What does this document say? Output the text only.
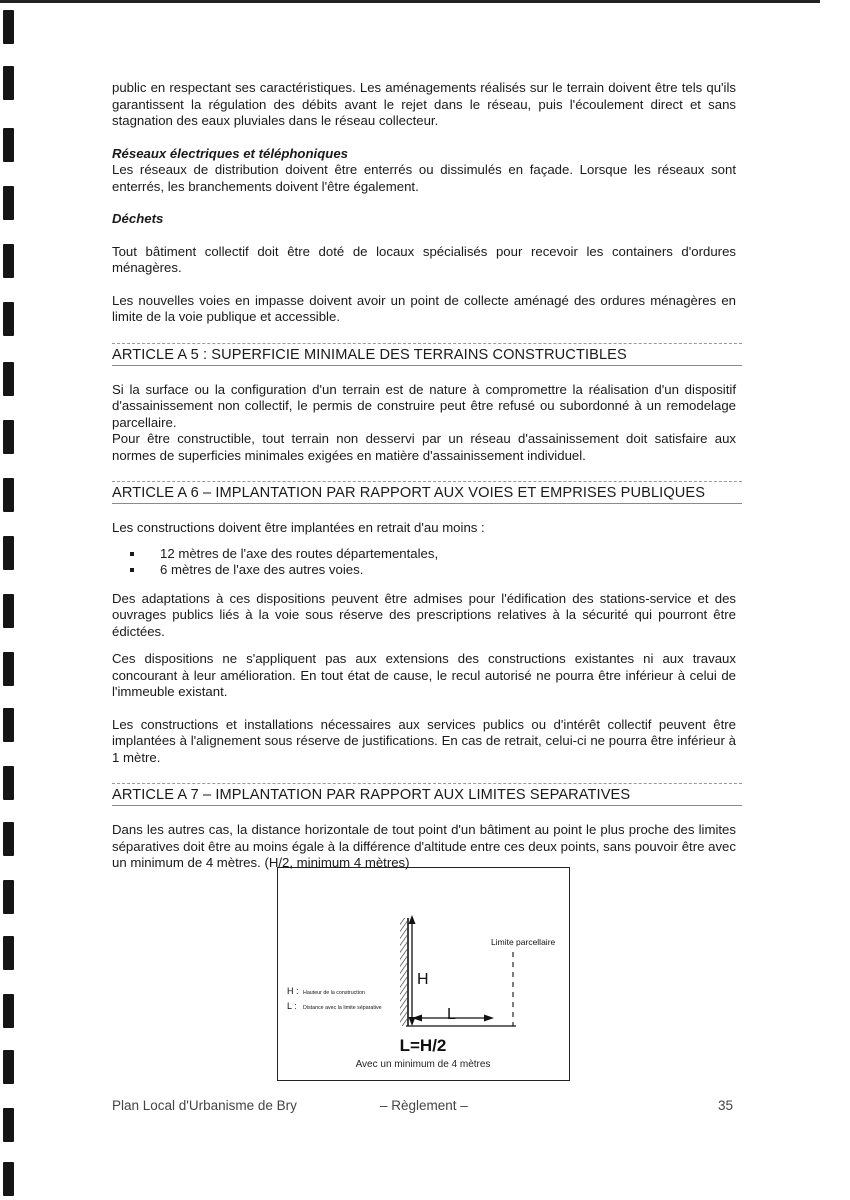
public en respectant ses caractéristiques. Les aménagements réalisés sur le terrain doivent être tels qu'ils garantissent la régulation des débits avant le rejet dans le réseau, puis l'écoulement direct et sans stagnation des eaux pluviales dans le réseau collecteur.

Réseaux électriques et téléphoniques

Les réseaux de distribution doivent être enterrés ou dissimulés en façade. Lorsque les réseaux sont enterrés, les branchements doivent l'être également.

Déchets

Tout bâtiment collectif doit être doté de locaux spécialisés pour recevoir les containers d'ordures ménagères.

Les nouvelles voies en impasse doivent avoir un point de collecte aménagé des ordures ménagères en limite de la voie publique et accessible.

ARTICLE A 5 : SUPERFICIE MINIMALE DES TERRAINS CONSTRUCTIBLES

Si la surface ou la configuration d'un terrain est de nature à compromettre la réalisation d'un dispositif d'assainissement non collectif, le permis de construire peut être refusé ou subordonné à un remodelage parcellaire.

Pour être constructible, tout terrain non desservi par un réseau d'assainissement doit satisfaire aux normes de superficies minimales exigées en matière d'assainissement individuel.

ARTICLE A 6 – IMPLANTATION PAR RAPPORT AUX VOIES ET EMPRISES PUBLIQUES

Les constructions doivent être implantées en retrait d'au moins :

12 mètres de l'axe des routes départementales,
6 mètres de l'axe des autres voies.

Des adaptations à ces dispositions peuvent être admises pour l'édification des stations-service et des ouvrages publics liés à la voie sous réserve des prescriptions relatives à la sécurité qui pourront être édictées.

Ces dispositions ne s'appliquent pas aux extensions des constructions existantes ni aux travaux concourant à leur amélioration. En tout état de cause, le recul autorisé ne pourra être inférieur à celui de l'immeuble existant.

Les constructions et installations nécessaires aux services publics ou d'intérêt collectif peuvent être implantées à l'alignement sous réserve de justifications. En cas de retrait, celui-ci ne pourra être inférieur à 1 mètre.

ARTICLE A 7 – IMPLANTATION PAR RAPPORT AUX LIMITES SEPARATIVES

Dans les autres cas, la distance horizontale de tout point d'un bâtiment au point le plus proche des limites séparatives doit être au moins égale à la différence d'altitude entre ces deux points, sans pouvoir être avec un minimum de 4 mètres. (H/2, minimum 4 mètres)

H
L
Limite parcellaire
H : Hauteur de la construction
L : Distance avec la limite séparative
L=H/2
Avec un minimum de 4 mètres
Plan Local d'Urbanisme de Bry	– Règlement –	35
